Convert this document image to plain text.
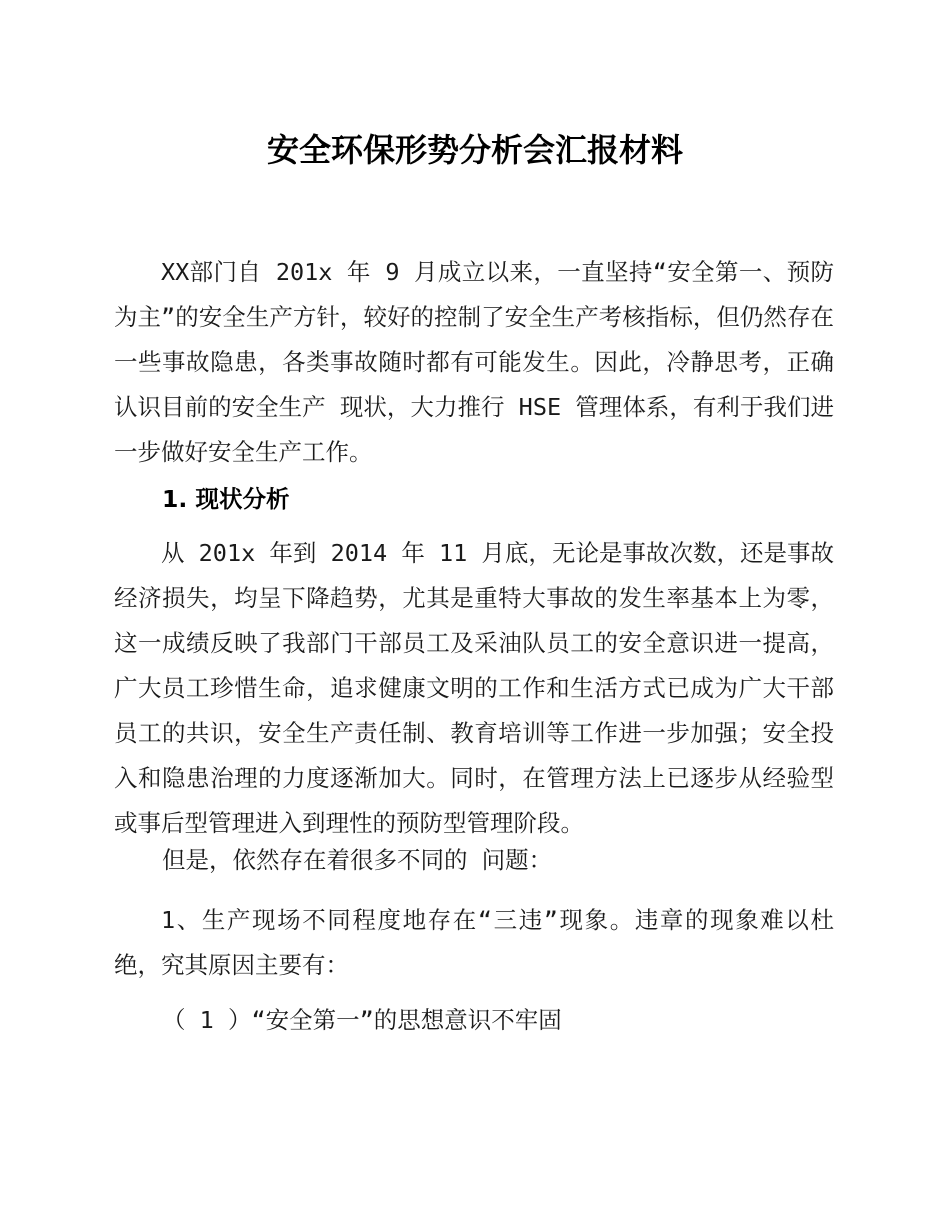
安全环保形势分析会汇报材料

XX部门自 201x 年 9 月成立以来，一直坚持“安全第一、预防为主”的安全生产方针，较好的控制了安全生产考核指标，但仍然存在一些事故隐患，各类事故随时都有可能发生。因此，冷静思考，正确认识目前的安全生产 现状，大力推行 HSE 管理体系，有利于我们进一步做好安全生产工作。

1. 现状分析

从 201x 年到 2014 年 11 月底，无论是事故次数，还是事故经济损失，均呈下降趋势，尤其是重特大事故的发生率基本上为零，这一成绩反映了我部门干部员工及采油队员工的安全意识进一提高，广大员工珍惜生命，追求健康文明的工作和生活方式已成为广大干部员工的共识，安全生产责任制、教育培训等工作进一步加强；安全投入和隐患治理的力度逐渐加大。同时，在管理方法上已逐步从经验型或事后型管理进入到理性的预防型管理阶段。

但是，依然存在着很多不同的 问题：

1、生产现场不同程度地存在“三违”现象。违章的现象难以杜绝，究其原因主要有：

（ 1 ）“安全第一”的思想意识不牢固
